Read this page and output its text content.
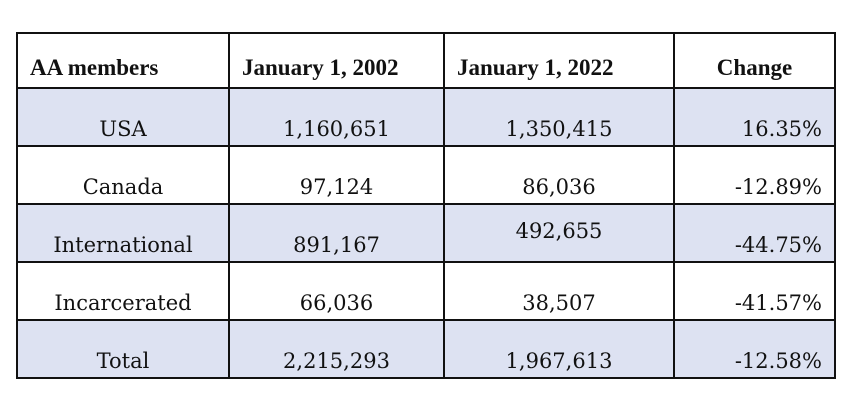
AA members	January 1, 2002	January 1, 2022	Change
USA	1,160,651	1,350,415	16.35%
Canada	97,124	86,036	-12.89%
International	891,167	492,655	-44.75%
Incarcerated	66,036	38,507	-41.57%
Total	2,215,293	1,967,613	-12.58%
